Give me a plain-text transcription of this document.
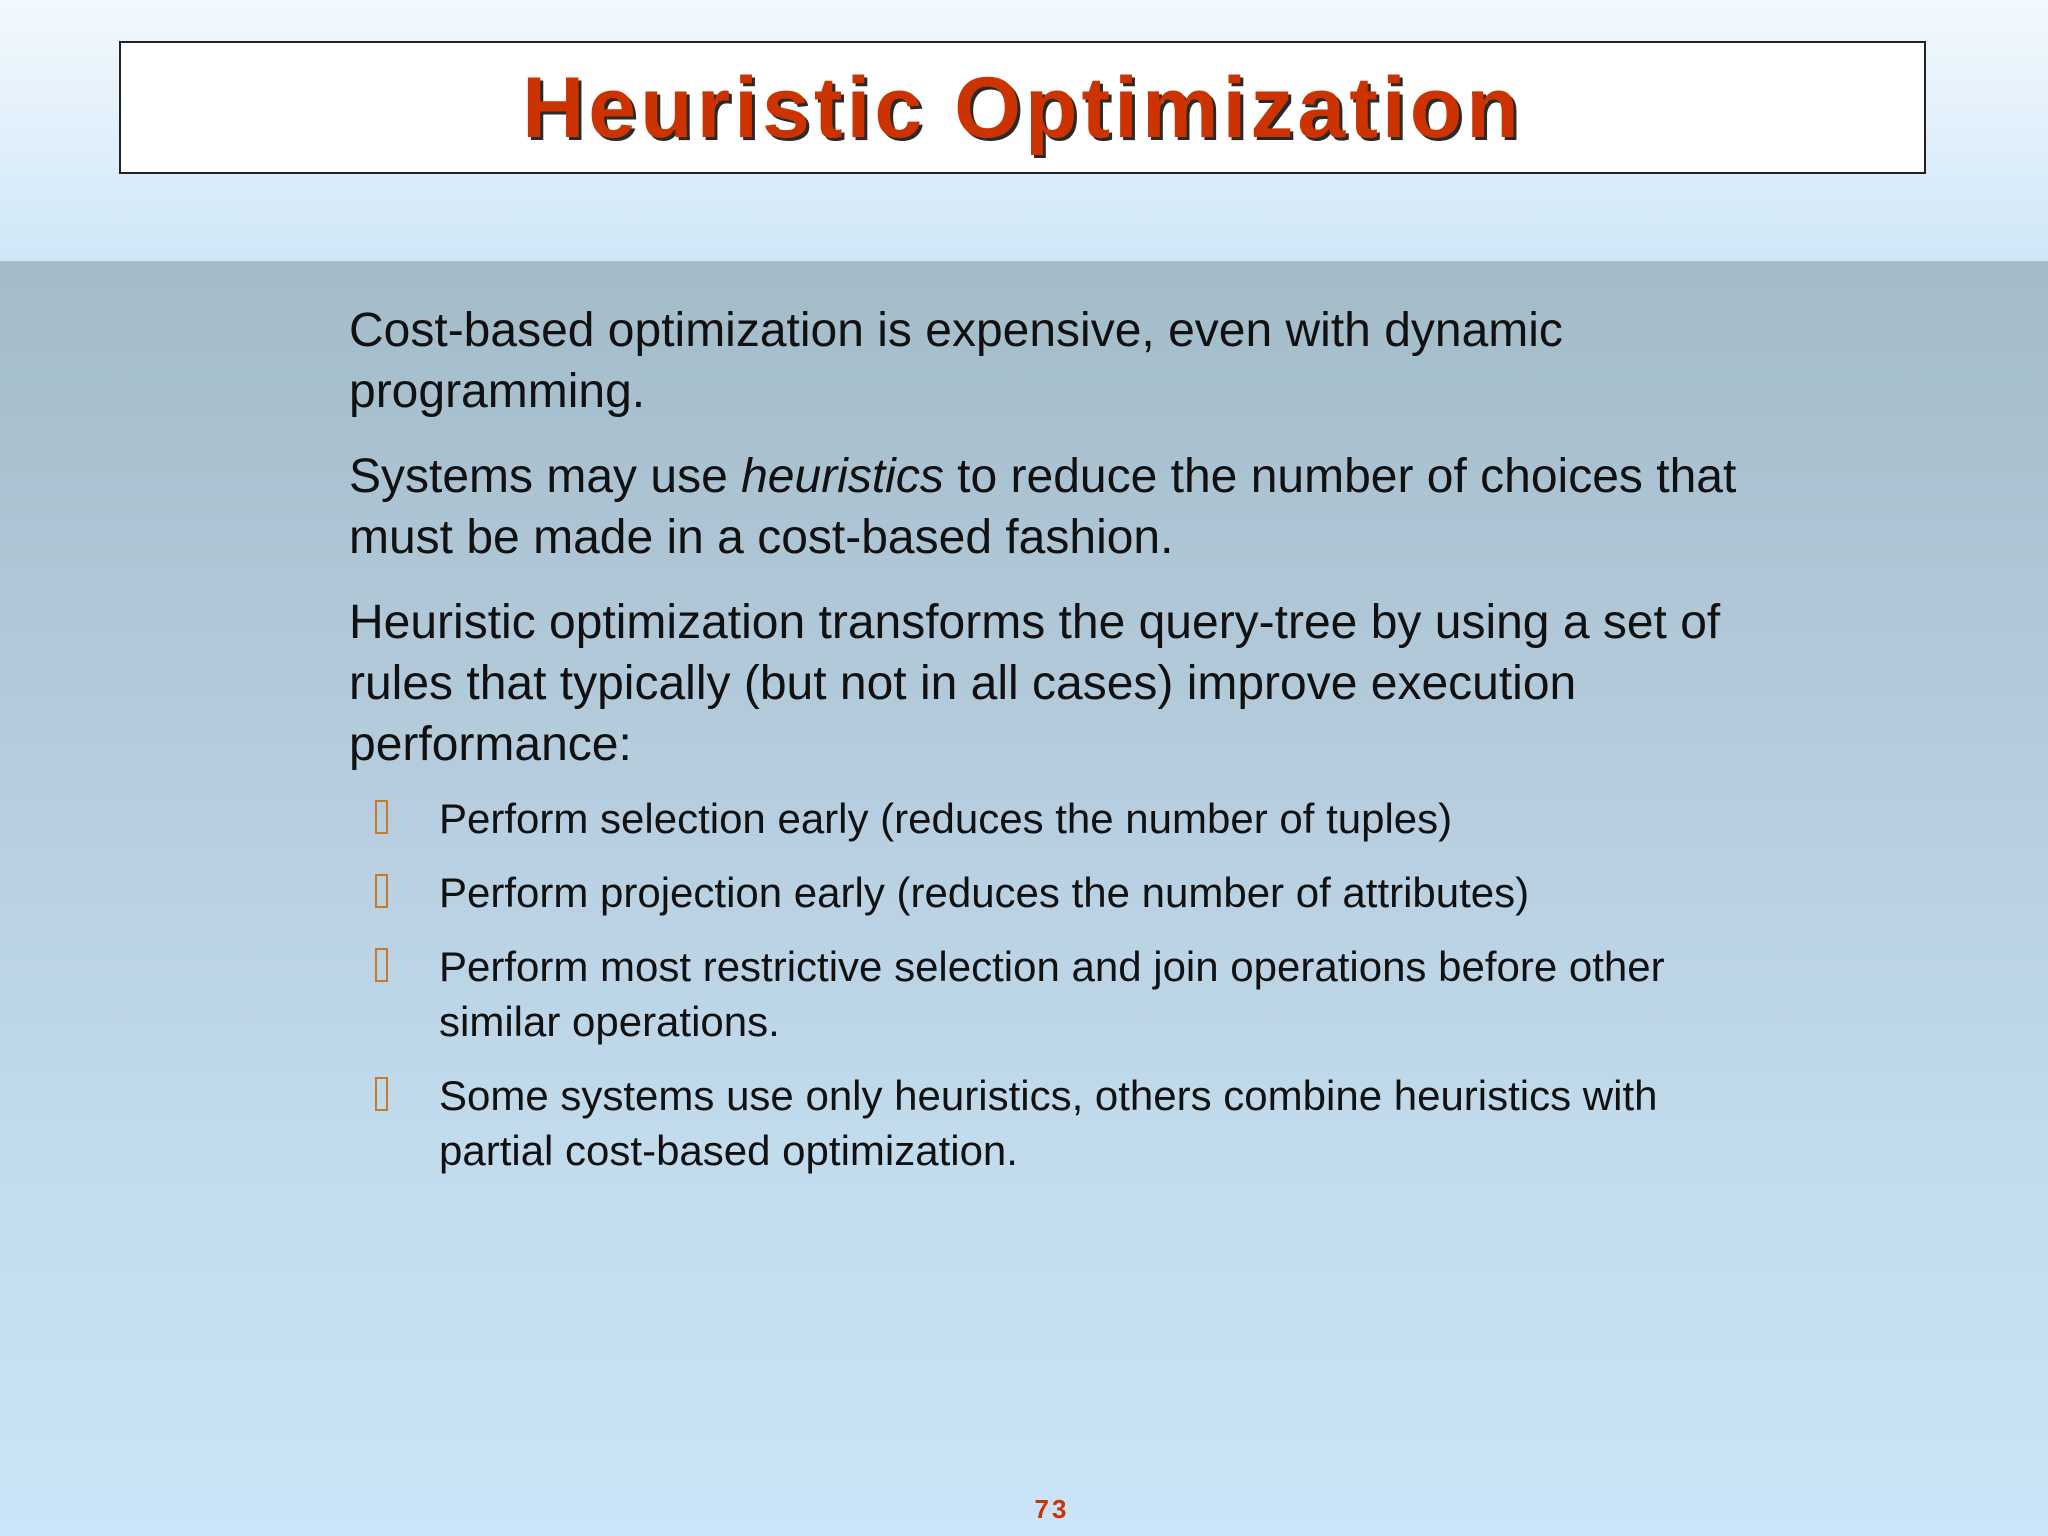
Heuristic Optimization

Cost-based optimization is expensive, even with dynamic programming.

Systems may use heuristics to reduce the number of choices that must be made in a cost-based fashion.

Heuristic optimization transforms the query-tree by using a set of rules that typically (but not in all cases) improve execution performance:

Perform selection early (reduces the number of tuples)
Perform projection early (reduces the number of attributes)
Perform most restrictive selection and join operations before other similar operations.
Some systems use only heuristics, others combine heuristics with partial cost-based optimization.
73
